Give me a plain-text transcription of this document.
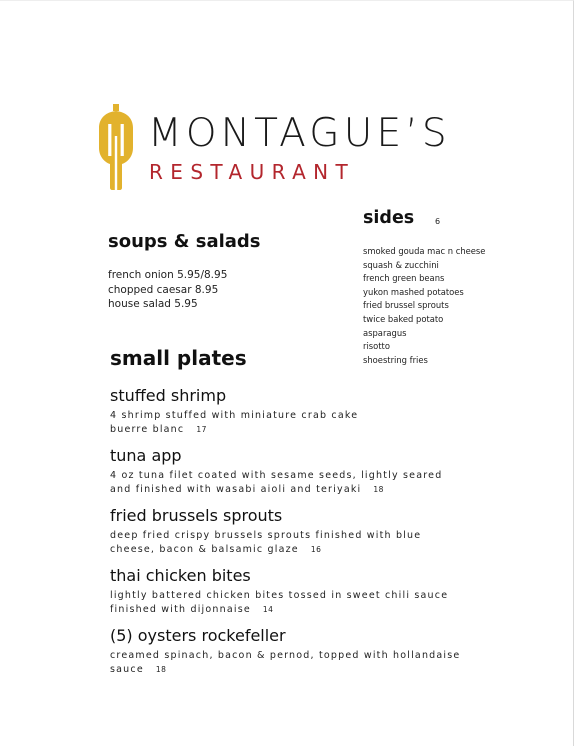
MONTAGUE’S
RESTAURANT
soups & salads
french onion 5.95/8.95
chopped caesar 8.95
house salad 5.95
sides	6
smoked gouda mac n cheese
squash & zucchini
french green beans
yukon mashed potatoes
fried brussel sprouts
twice baked potato
asparagus
risotto
shoestring fries
small plates
stuffed shrimp
4 shrimp stuffed with miniature crab cake
buerre blanc 17
tuna app
4 oz tuna filet coated with sesame seeds, lightly seared
and finished with wasabi aioli and teriyaki 18
fried brussels sprouts
deep fried crispy brussels sprouts finished with blue
cheese, bacon & balsamic glaze 16
thai chicken bites
lightly battered chicken bites tossed in sweet chili sauce
finished with dijonnaise 14
(5) oysters rockefeller
creamed spinach, bacon & pernod, topped with hollandaise
sauce 18
